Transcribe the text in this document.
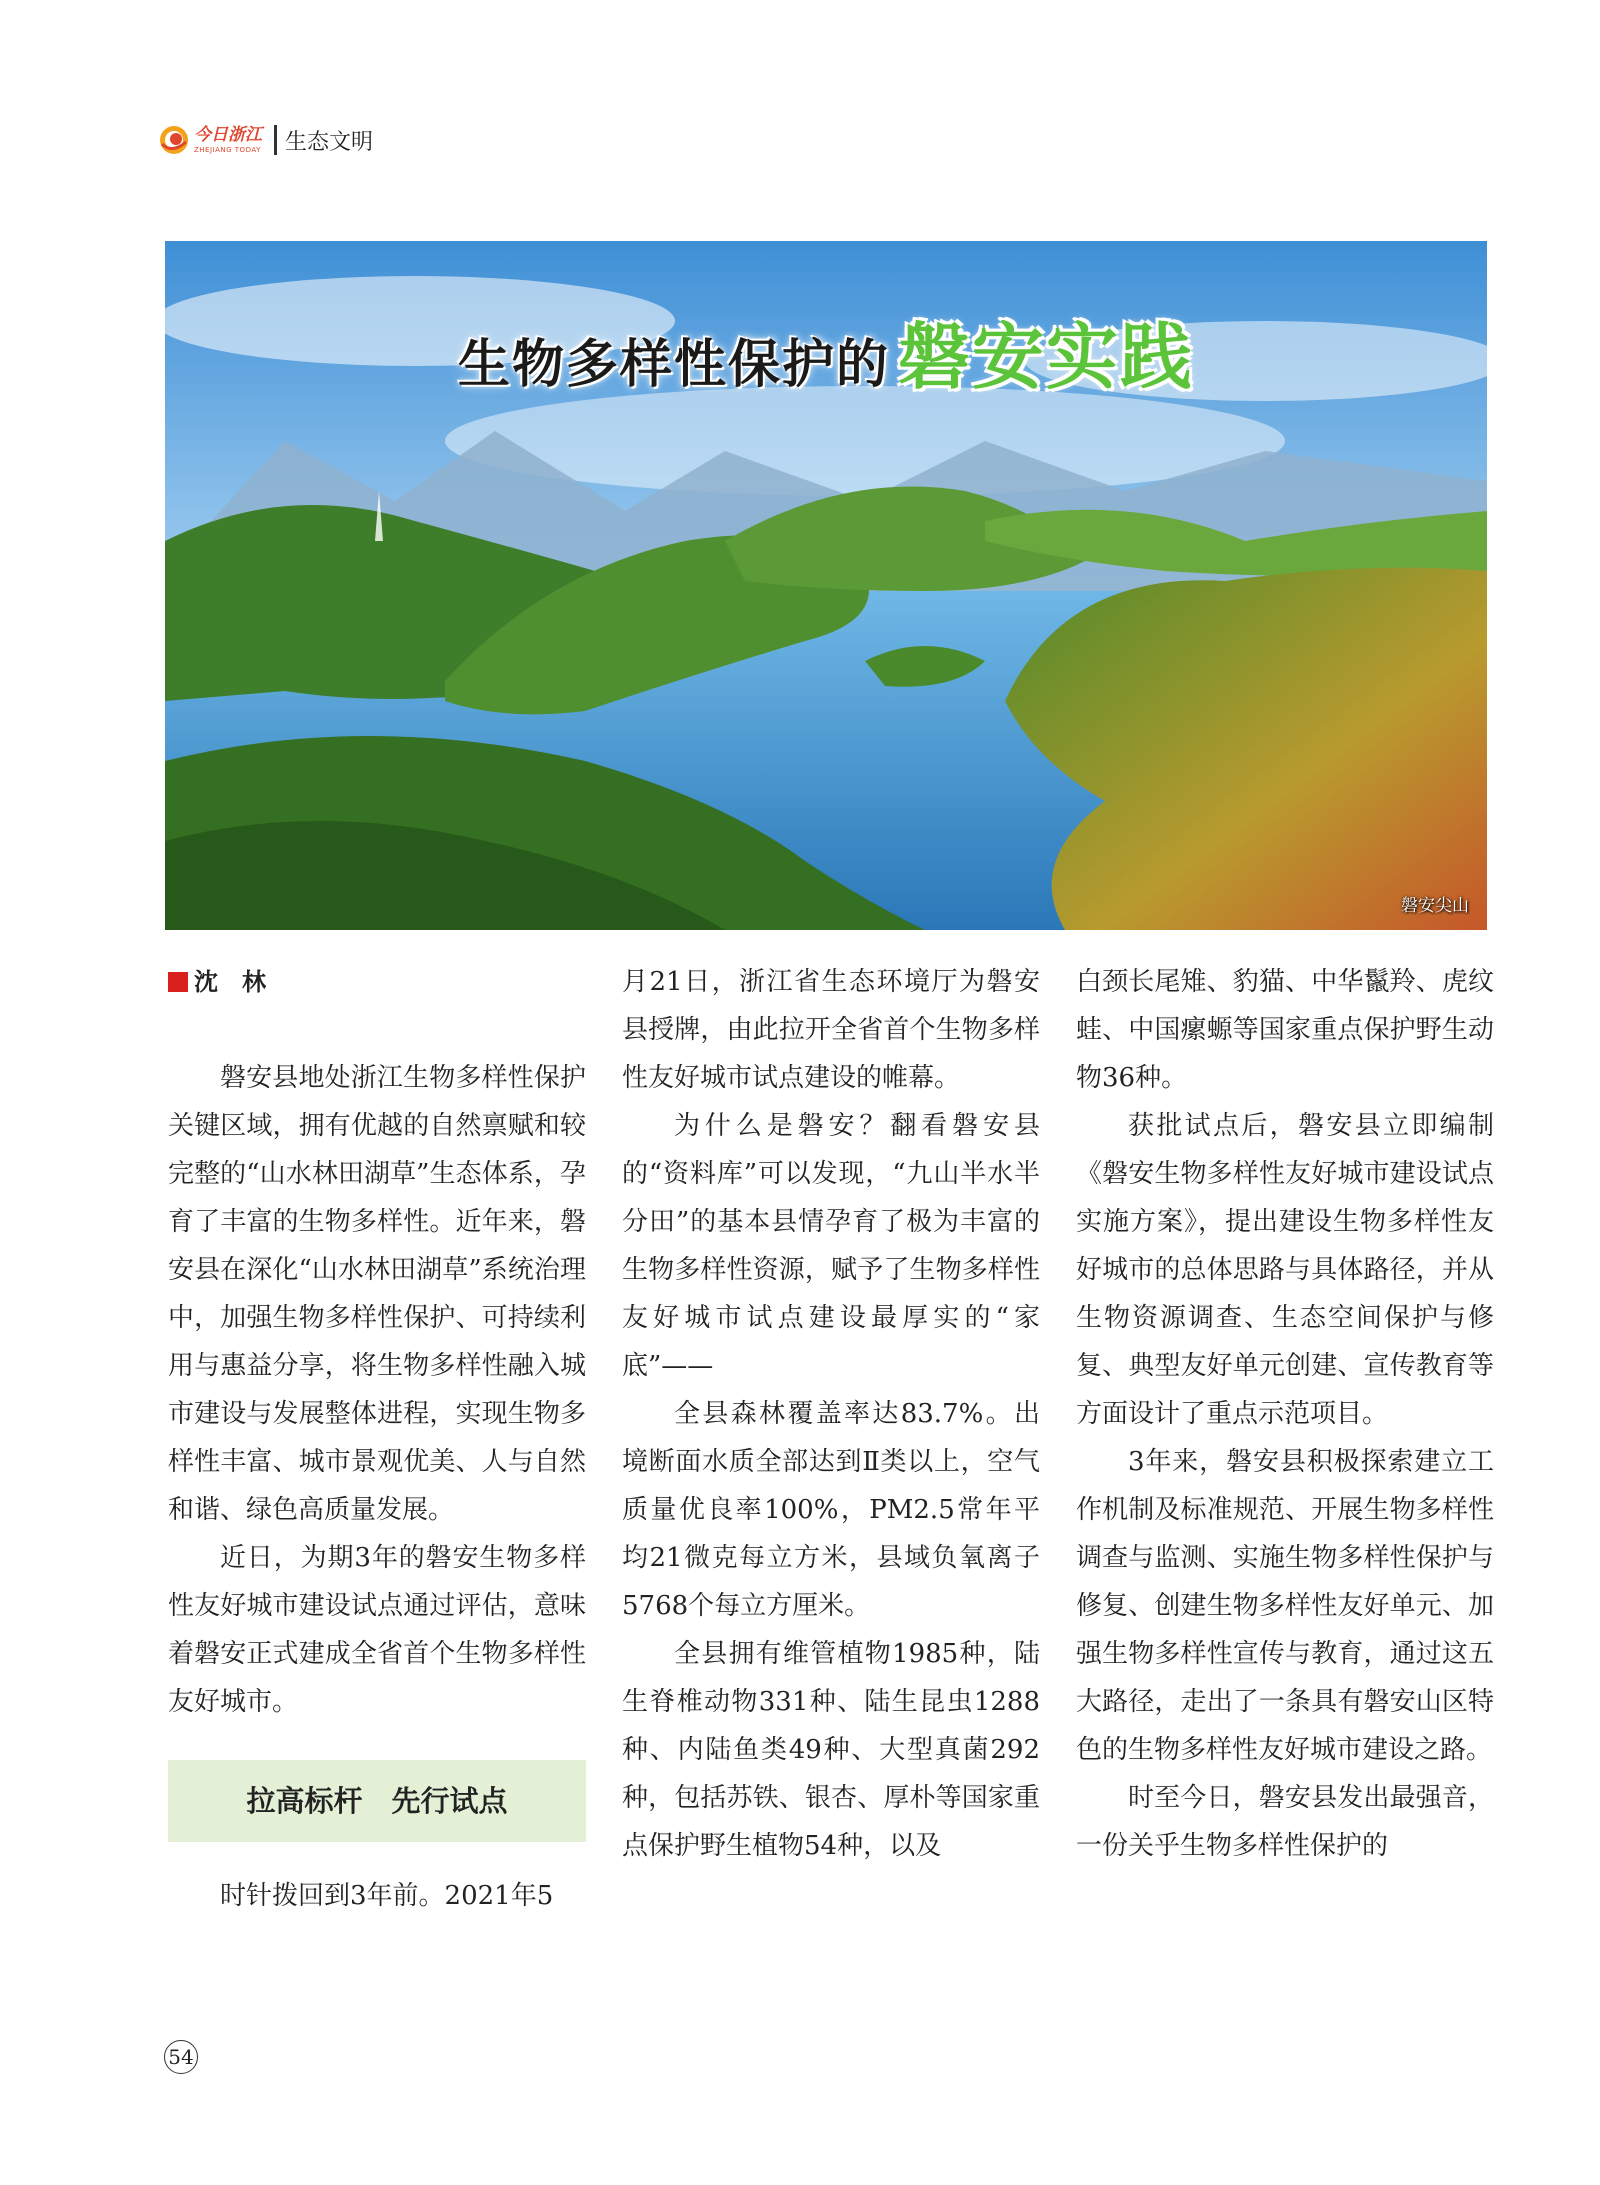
今日浙江
ZHEJIANG TODAY 生态文明
生物多样性保护的 磐安实践
磐安尖山
沈　林

磐安县地处浙江生物多样性保护关键区域，拥有优越的自然禀赋和较完整的“山水林田湖草”生态体系，孕育了丰富的生物多样性。近年来，磐安县在深化“山水林田湖草”系统治理中，加强生物多样性保护、可持续利用与惠益分享，将生物多样性融入城市建设与发展整体进程，实现生物多样性丰富、城市景观优美、人与自然和谐、绿色高质量发展。

近日，为期3年的磐安生物多样性友好城市建设试点通过评估，意味着磐安正式建成全省首个生物多样性友好城市。

拉高标杆　先行试点

时针拨回到3年前。2021年5

月21日，浙江省生态环境厅为磐安县授牌，由此拉开全省首个生物多样性友好城市试点建设的帷幕。

为什么是磐安？翻看磐安县的“资料库”可以发现，“九山半水半分田”的基本县情孕育了极为丰富的生物多样性资源，赋予了生物多样性友好城市试点建设最厚实的“家底”——

全县森林覆盖率达83.7%。出境断面水质全部达到Ⅱ类以上，空气质量优良率100%，PM2.5常年平均21微克每立方米，县域负氧离子5768个每立方厘米。

全县拥有维管植物1985种，陆生脊椎动物331种、陆生昆虫1288种、内陆鱼类49种、大型真菌292种，包括苏铁、银杏、厚朴等国家重点保护野生植物54种，以及

白颈长尾雉、豹猫、中华鬣羚、虎纹蛙、中国瘰螈等国家重点保护野生动物36种。

获批试点后，磐安县立即编制《磐安生物多样性友好城市建设试点实施方案》，提出建设生物多样性友好城市的总体思路与具体路径，并从生物资源调查、生态空间保护与修复、典型友好单元创建、宣传教育等方面设计了重点示范项目。

3年来，磐安县积极探索建立工作机制及标准规范、开展生物多样性调查与监测、实施生物多样性保护与修复、创建生物多样性友好单元、加强生物多样性宣传与教育，通过这五大路径，走出了一条具有磐安山区特色的生物多样性友好城市建设之路。

时至今日，磐安县发出最强音，一份关乎生物多样性保护的

54
